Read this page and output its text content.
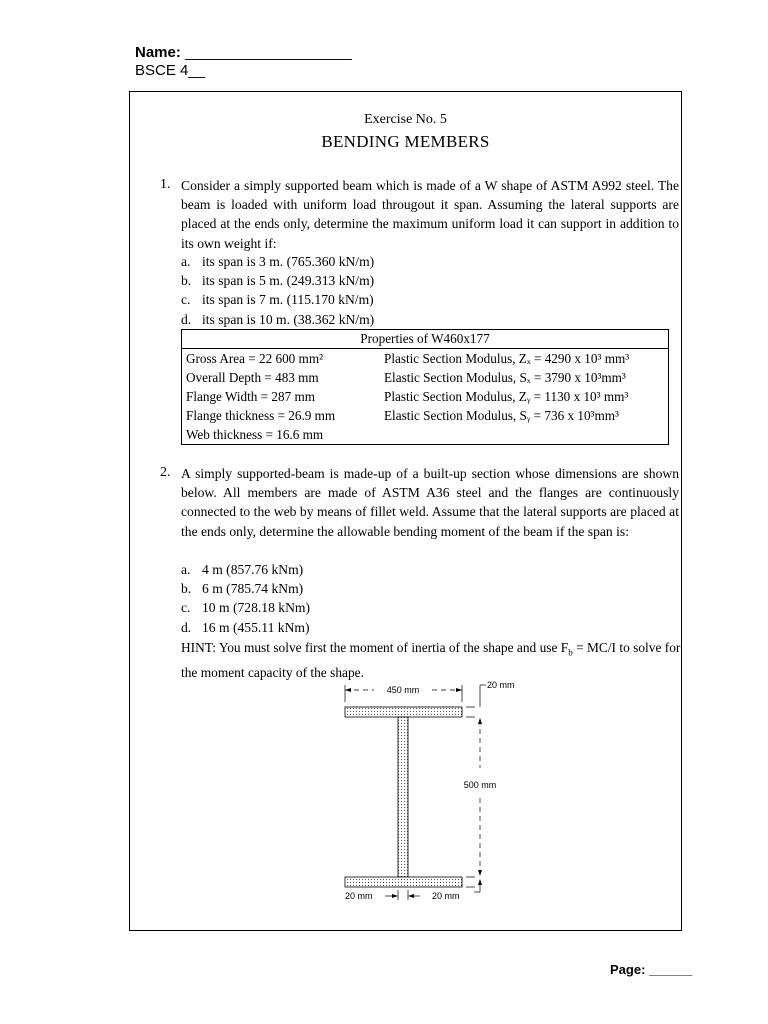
Name: ____________________
BSCE 4__
Exercise No. 5
BENDING MEMBERS
1. Consider a simply supported beam which is made of a W shape of ASTM A992 steel. The beam is loaded with uniform load througout it span. Assuming the lateral supports are placed at the ends only, determine the maximum uniform load it can support in addition to its own weight if:
a. its span is 3 m. (765.360 kN/m)
b. its span is 5 m. (249.313 kN/m)
c. its span is 7 m. (115.170 kN/m)
d. its span is 10 m. (38.362 kN/m)
Properties of W460x177	
Gross Area = 22 600 mm²	Plastic Section Modulus, Zₓ = 4290 x 10³ mm³
Overall Depth = 483 mm	Elastic Section Modulus, Sₓ = 3790 x 10³mm³
Flange Width = 287 mm	Plastic Section Modulus, Zᵧ = 1130 x 10³ mm³
Flange thickness = 26.9 mm	Elastic Section Modulus, Sᵧ = 736 x 10³mm³
Web thickness = 16.6 mm	
2. A simply supported-beam is made-up of a built-up section whose dimensions are shown below. All members are made of ASTM A36 steel and the flanges are continuously connected to the web by means of fillet weld. Assume that the lateral supports are placed at the ends only, determine the allowable bending moment of the beam if the span is:
a. 4 m (857.76 kNm)
b. 6 m (785.74 kNm)
c. 10 m (728.18 kNm)
d. 16 m (455.11 kNm)
HINT: You must solve first the moment of inertia of the shape and use $F_b = MC/I$ to solve for the moment capacity of the shape.
450 mm	20 mm
500 mm
20 mm	20 mm
Page: ______
